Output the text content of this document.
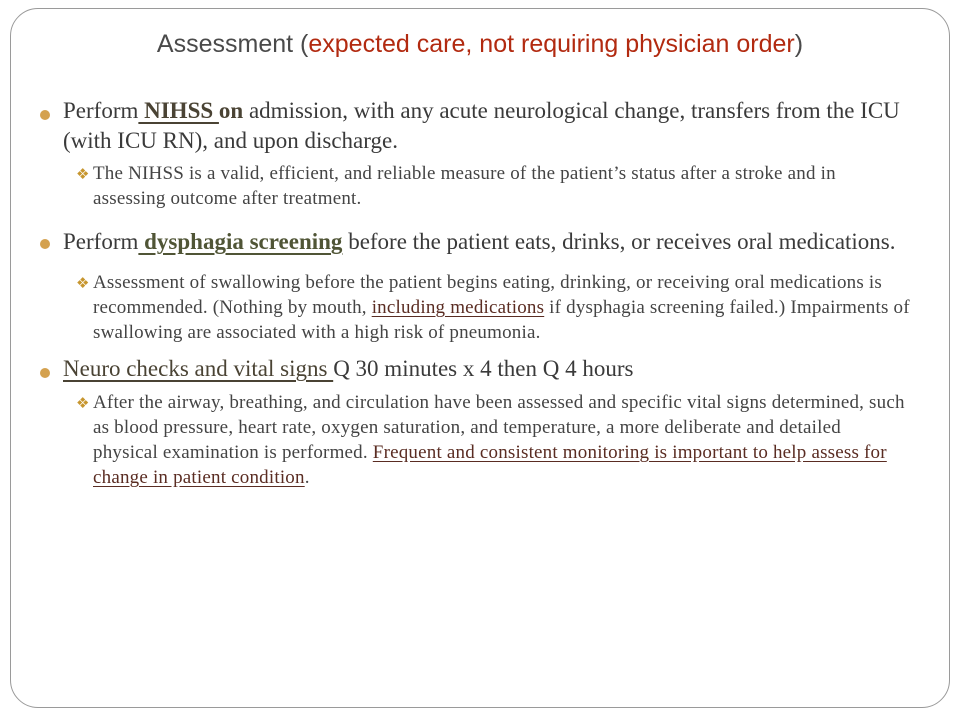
Assessment (expected care, not requiring physician order)
Perform NIHSS on admission, with any acute neurological change, transfers from the ICU (with ICU RN), and upon discharge.
❖ The NIHSS is a valid, efficient, and reliable measure of the patient’s status after a stroke and in assessing outcome after treatment.
Perform dysphagia screening before the patient eats, drinks, or receives oral medications.
❖ Assessment of swallowing before the patient begins eating, drinking, or receiving oral medications is recommended. (Nothing by mouth, including medications if dysphagia screening failed.) Impairments of swallowing are associated with a high risk of pneumonia.
Neuro checks and vital signs Q 30 minutes x 4 then Q 4 hours
❖ After the airway, breathing, and circulation have been assessed and specific vital signs determined, such as blood pressure, heart rate, oxygen saturation, and temperature, a more deliberate and detailed physical examination is performed. Frequent and consistent monitoring is important to help assess for change in patient condition.
